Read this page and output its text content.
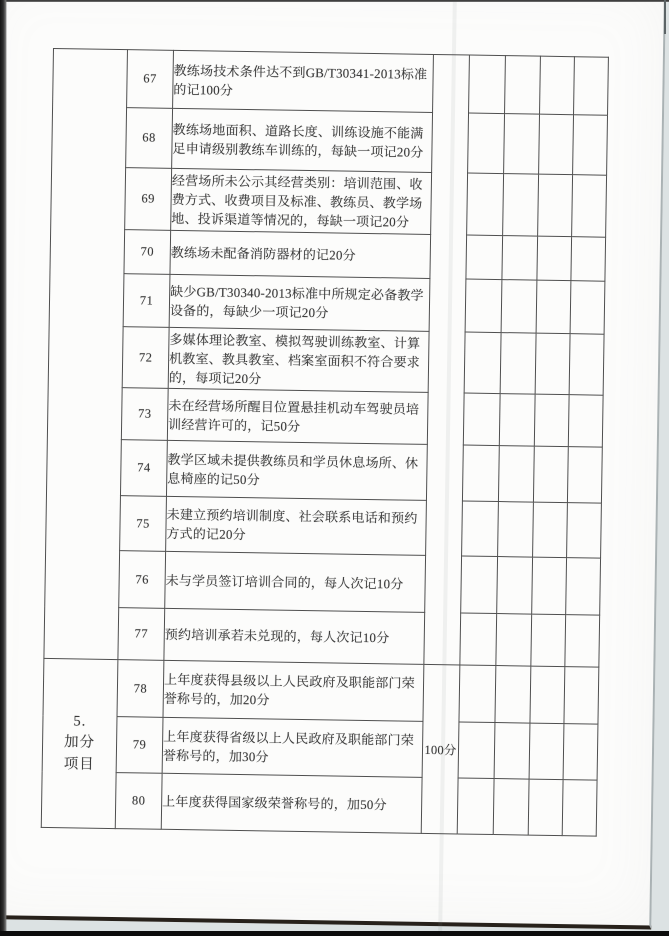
	67	教练场技术条件达不到GB/T30341-2013标准的记100分					
	68	教练场地面积、道路长度、训练设施不能满足申请级别教练车训练的，每缺一项记20分					
	69	经营场所未公示其经营类别：培训范围、收费方式、收费项目及标准、教练员、教学场地、投诉渠道等情况的，每缺一项记20分					
	70	教练场未配备消防器材的记20分					
	71	缺少GB/T30340-2013标准中所规定必备教学设备的，每缺少一项记20分					
	72	多媒体理论教室、模拟驾驶训练教室、计算机教室、教具教室、档案室面积不符合要求的，每项记20分					
	73	未在经营场所醒目位置悬挂机动车驾驶员培训经营许可的，记50分					
	74	教学区域未提供教练员和学员休息场所、休息椅座的记50分					
	75	未建立预约培训制度、社会联系电话和预约方式的记20分					
	76	未与学员签订培训合同的，每人次记10分					
	77	预约培训承若未兑现的，每人次记10分					

5.
加分
项目	78	上年度获得县级以上人民政府及职能部门荣誉称号的，加20分	100分				
	79	上年度获得省级以上人民政府及职能部门荣誉称号的，加30分					
	80	上年度获得国家级荣誉称号的，加50分					
